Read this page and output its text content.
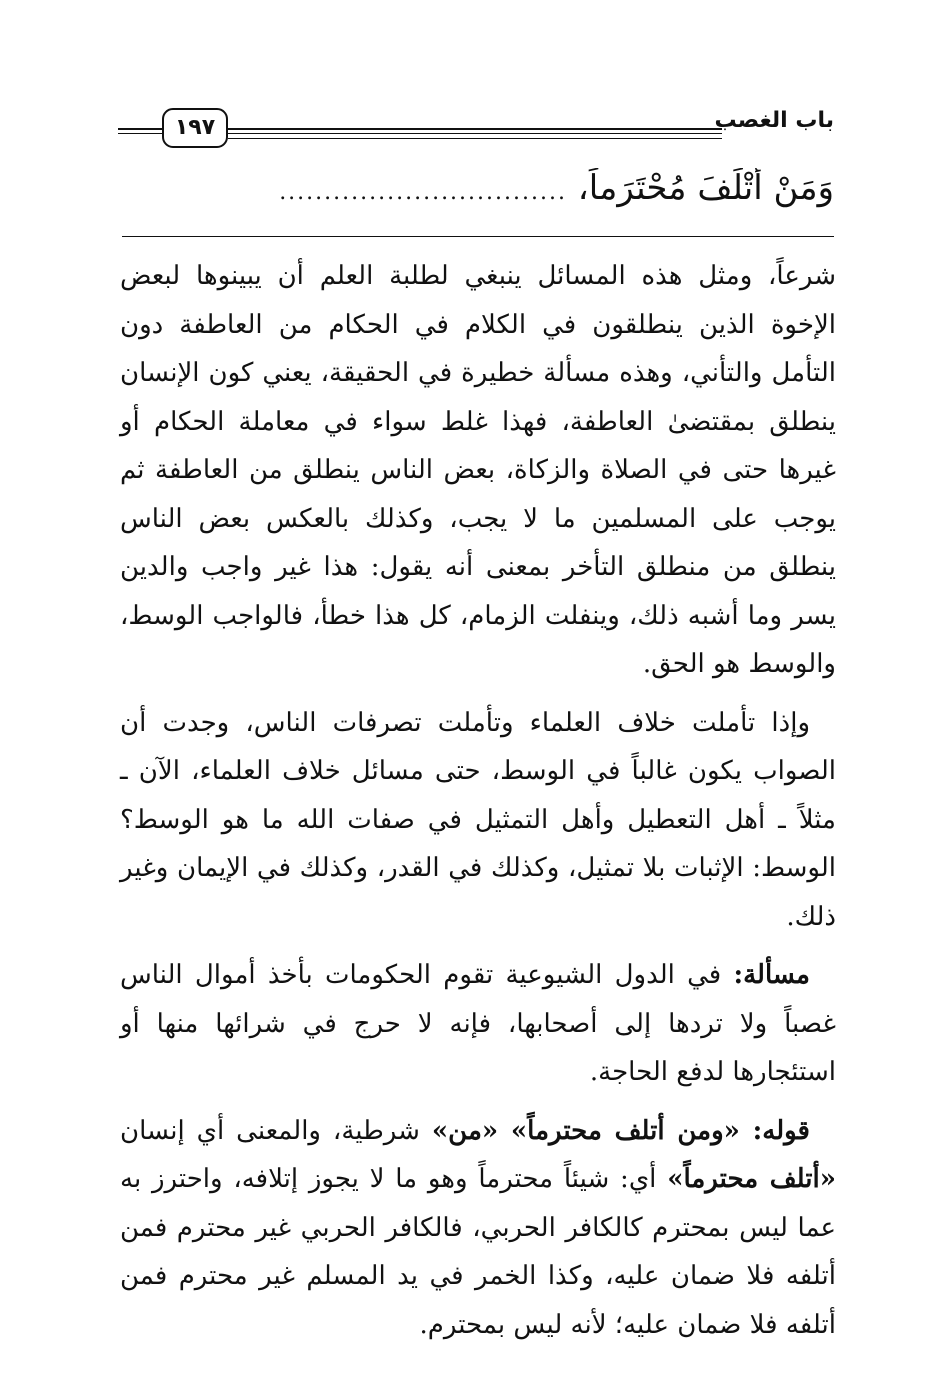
١٩٧	باب الغصب
وَمَنْ أَتْلَفَ مُحْتَرَماً، ................................

شرعاً، ومثل هذه المسائل ينبغي لطلبة العلم أن يبينوها لبعض الإخوة الذين ينطلقون في الكلام في الحكام من العاطفة دون التأمل والتأني، وهذه مسألة خطيرة في الحقيقة، يعني كون الإنسان ينطلق بمقتضىٰ العاطفة، فهذا غلط سواء في معاملة الحكام أو غيرها حتى في الصلاة والزكاة، بعض الناس ينطلق من العاطفة ثم يوجب على المسلمين ما لا يجب، وكذلك بالعكس بعض الناس ينطلق من منطلق التأخر بمعنى أنه يقول: هذا غير واجب والدين يسر وما أشبه ذلك، وينفلت الزمام، كل هذا خطأ، فالواجب الوسط، والوسط هو الحق.

وإذا تأملت خلاف العلماء وتأملت تصرفات الناس، وجدت أن الصواب يكون غالباً في الوسط، حتى مسائل خلاف العلماء، الآن ـ مثلاً ـ أهل التعطيل وأهل التمثيل في صفات الله ما هو الوسط؟ الوسط: الإثبات بلا تمثيل، وكذلك في القدر، وكذلك في الإيمان وغير ذلك.

مسألة: في الدول الشيوعية تقوم الحكومات بأخذ أموال الناس غصباً ولا تردها إلى أصحابها، فإنه لا حرج في شرائها منها أو استئجارها لدفع الحاجة.

قوله: «ومن أتلف محترماً» «من» شرطية، والمعنى أي إنسان «أتلف محترماً» أي: شيئاً محترماً وهو ما لا يجوز إتلافه، واحترز به عما ليس بمحترم كالكافر الحربي، فالكافر الحربي غير محترم فمن أتلفه فلا ضمان عليه، وكذا الخمر في يد المسلم غير محترم فمن أتلفه فلا ضمان عليه؛ لأنه ليس بمحترم.
